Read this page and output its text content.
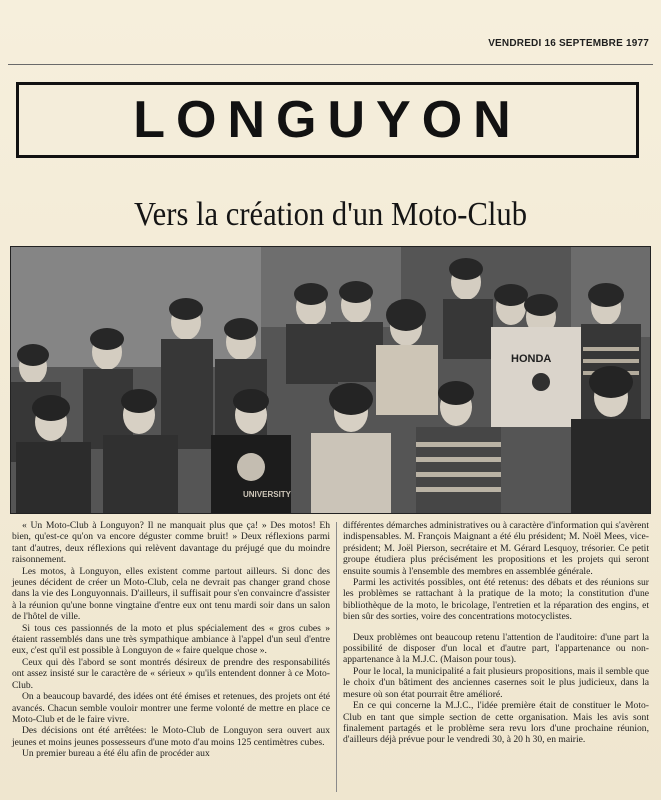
VENDREDI 16 SEPTEMBRE 1977
LONGUYON
Vers la création d'un Moto-Club
HONDA
UNIVERSITY

« Un Moto-Club à Longuyon? Il ne manquait plus que ça! » Des motos! Eh bien, qu'est-ce qu'on va encore déguster comme bruit! » Deux réflexions parmi tant d'autres, deux réflexions qui relèvent davantage du préjugé que du moindre raisonnement.

Les motos, à Longuyon, elles existent comme partout ailleurs. Si donc des jeunes décident de créer un Moto-Club, cela ne devrait pas changer grand chose dans la vie des Longuyonnais. D'ailleurs, il suffisait pour s'en convaincre d'assister à la réunion qu'une bonne vingtaine d'entre eux ont tenu mardi soir dans un salon de l'hôtel de ville.

Si tous ces passionnés de la moto et plus spécialement des « gros cubes » étaient rassemblés dans une très sympathique ambiance à l'appel d'un seul d'entre eux, c'est qu'il est possible à Longuyon de « faire quelque chose ».

Ceux qui dès l'abord se sont montrés désireux de prendre des responsabilités ont assez insisté sur le caractère de « sérieux » qu'ils entendent donner à ce Moto-Club.

On a beaucoup bavardé, des idées ont été émises et retenues, des projets ont été avancés. Chacun semble vouloir montrer une ferme volonté de mettre en place ce Moto-Club et de le faire vivre.

Des décisions ont été arrêtées: le Moto-Club de Longuyon sera ouvert aux jeunes et moins jeunes possesseurs d'une moto d'au moins 125 centimètres cubes.

Un premier bureau a été élu afin de procéder aux

différentes démarches administratives ou à caractère d'information qui s'avèrent indispensables. M. François Maignant a été élu président; M. Noël Mees, vice-président; M. Joël Pierson, secrétaire et M. Gérard Lesquoy, trésorier. Ce petit groupe étudiera plus précisément les propositions et les projets qui seront ensuite soumis à l'ensemble des membres en assemblée générale.

Parmi les activités possibles, ont été retenus: des débats et des réunions sur les problèmes se rattachant à la pratique de la moto; la constitution d'une bibliothèque de la moto, le bricolage, l'entretien et la réparation des engins, et bien sûr des sorties, voire des concentrations motocyclistes.

Deux problèmes ont beaucoup retenu l'attention de l'auditoire: d'une part la possibilité de disposer d'un local et d'autre part, l'appartenance ou non-appartenance à la M.J.C. (Maison pour tous).

Pour le local, la municipalité a fait plusieurs propositions, mais il semble que le choix d'un bâtiment des anciennes casernes soit le plus judicieux, dans la mesure où son état pourrait être amélioré.

En ce qui concerne la M.J.C., l'idée première était de constituer le Moto-Club en tant que simple section de cette organisation. Mais les avis sont finalement partagés et le problème sera revu lors d'une prochaine réunion, d'ailleurs déjà prévue pour le vendredi 30, à 20 h 30, en mairie.
